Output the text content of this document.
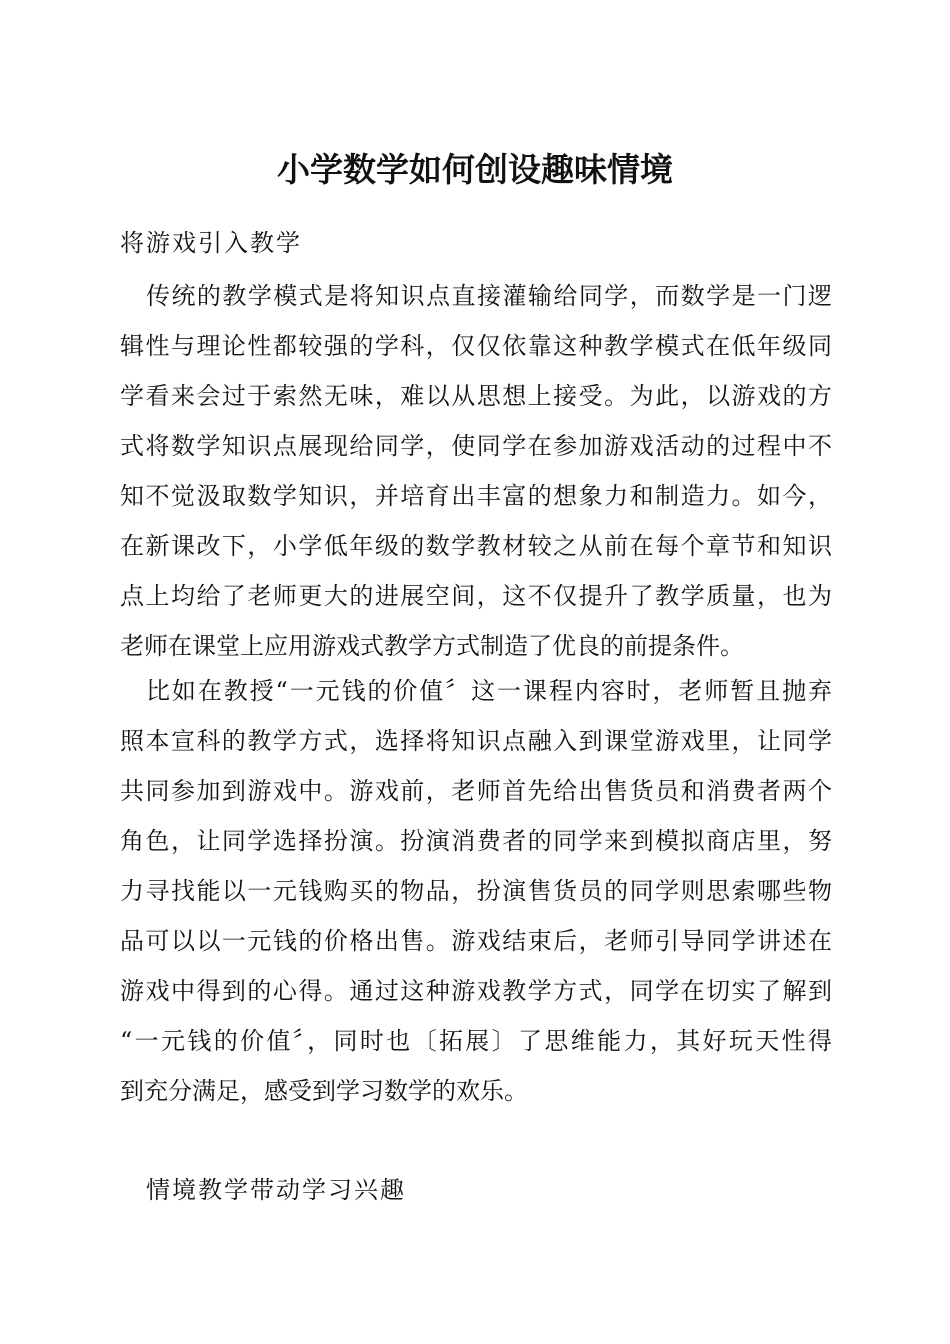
小学数学如何创设趣味情境
将游戏引入教学
传统的教学模式是将知识点直接灌输给同学，而数学是一门逻
辑性与理论性都较强的学科，仅仅依靠这种教学模式在低年级同
学看来会过于索然无味，难以从思想上接受。为此，以游戏的方
式将数学知识点展现给同学，使同学在参加游戏活动的过程中不
知不觉汲取数学知识，并培育出丰富的想象力和制造力。如今，
在新课改下，小学低年级的数学教材较之从前在每个章节和知识
点上均给了老师更大的进展空间，这不仅提升了教学质量，也为
老师在课堂上应用游戏式教学方式制造了优良的前提条件。
比如在教授“一元钱的价值〞这一课程内容时，老师暂且抛弃
照本宣科的教学方式，选择将知识点融入到课堂游戏里，让同学
共同参加到游戏中。游戏前，老师首先给出售货员和消费者两个
角色，让同学选择扮演。扮演消费者的同学来到模拟商店里，努
力寻找能以一元钱购买的物品，扮演售货员的同学则思索哪些物
品可以以一元钱的价格出售。游戏结束后，老师引导同学讲述在
游戏中得到的心得。通过这种游戏教学方式，同学在切实了解到
“一元钱的价值〞，同时也〔拓展〕了思维能力，其好玩天性得
到充分满足，感受到学习数学的欢乐。
情境教学带动学习兴趣
